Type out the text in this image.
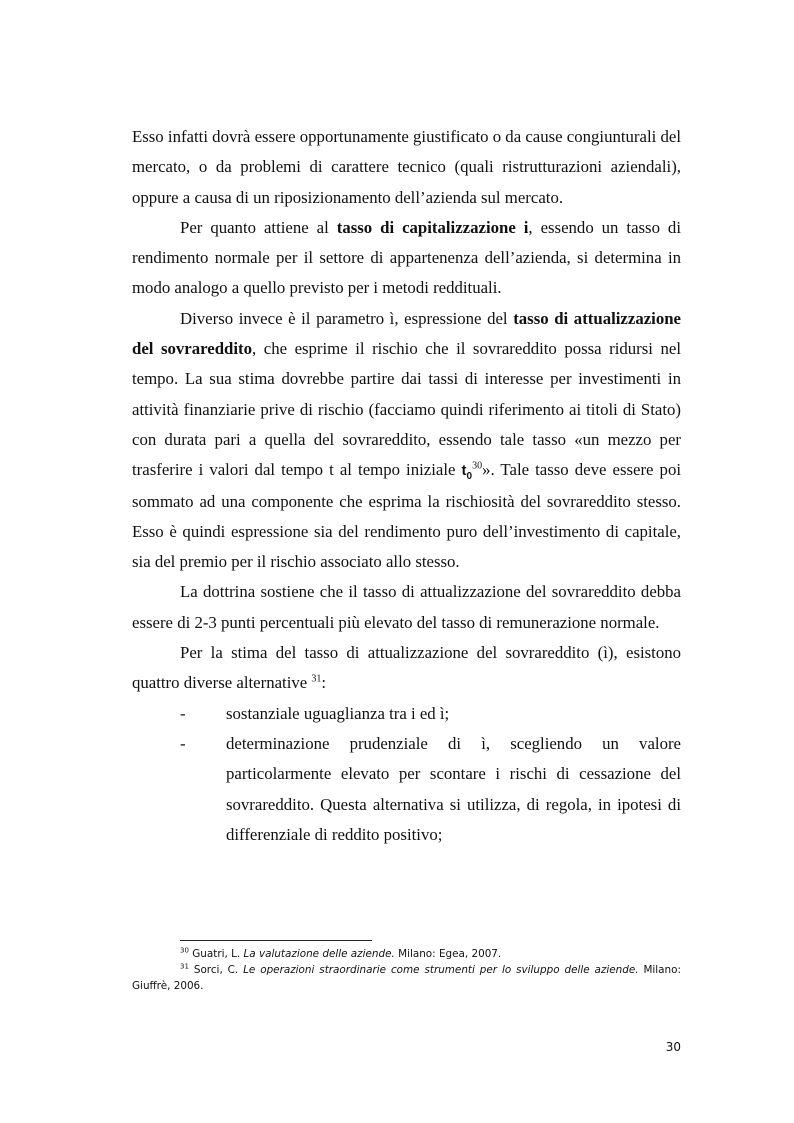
Esso infatti dovrà essere opportunamente giustificato o da cause congiunturali del mercato, o da problemi di carattere tecnico (quali ristrutturazioni aziendali), oppure a causa di un riposizionamento dell’azienda sul mercato.

Per quanto attiene al tasso di capitalizzazione i, essendo un tasso di rendimento normale per il settore di appartenenza dell’azienda, si determina in modo analogo a quello previsto per i metodi reddituali.

Diverso invece è il parametro ì, espressione del tasso di attualizzazione del sovrareddito, che esprime il rischio che il sovrareddito possa ridursi nel tempo. La sua stima dovrebbe partire dai tassi di interesse per investimenti in attività finanziarie prive di rischio (facciamo quindi riferimento ai titoli di Stato) con durata pari a quella del sovrareddito, essendo tale tasso «un mezzo per trasferire i valori dal tempo t al tempo iniziale $t_0^{30}$». Tale tasso deve essere poi sommato ad una componente che esprima la rischiosità del sovrareddito stesso. Esso è quindi espressione sia del rendimento puro dell’investimento di capitale, sia del premio per il rischio associato allo stesso.

La dottrina sostiene che il tasso di attualizzazione del sovrareddito debba essere di 2-3 punti percentuali più elevato del tasso di remunerazione normale.

Per la stima del tasso di attualizzazione del sovrareddito (ì), esistono quattro diverse alternative $^{31}$:

- sostanziale uguaglianza tra i ed ì;

- determinazione prudenziale di ì, scegliendo un valore particolarmente elevato per scontare i rischi di cessazione del sovrareddito. Questa alternativa si utilizza, di regola, in ipotesi di differenziale di reddito positivo;

$^{30}$ Guatri, L. La valutazione delle aziende. Milano: Egea, 2007.

$^{31}$ Sorci, C. Le operazioni straordinarie come strumenti per lo sviluppo delle aziende. Milano: Giuffrè, 2006.

30
